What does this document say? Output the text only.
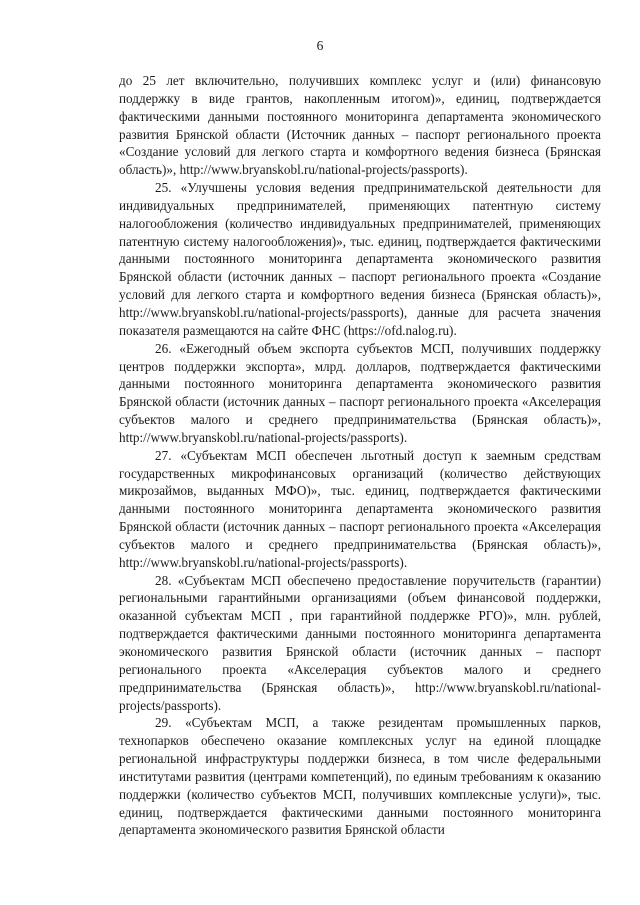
6

до 25 лет включительно, получивших комплекс услуг и (или) финансовую поддержку в виде грантов, накопленным итогом)», единиц, подтверждается фактическими данными постоянного мониторинга департамента экономического развития Брянской области (Источник данных – паспорт регионального проекта «Создание условий для легкого старта и комфортного ведения бизнеса (Брянская область)», http://www.bryanskobl.ru/national-projects/passports).

25. «Улучшены условия ведения предпринимательской деятельности для индивидуальных предпринимателей, применяющих патентную систему налогообложения (количество индивидуальных предпринимателей, применяющих патентную систему налогообложения)», тыс. единиц, подтверждается фактическими данными постоянного мониторинга департамента экономического развития Брянской области (источник данных – паспорт регионального проекта «Создание условий для легкого старта и комфортного ведения бизнеса (Брянская область)», http://www.bryanskobl.ru/national-projects/passports), данные для расчета значения показателя размещаются на сайте ФНС (https://ofd.nalog.ru).

26. «Ежегодный объем экспорта субъектов МСП, получивших поддержку центров поддержки экспорта», млрд. долларов, подтверждается фактическими данными постоянного мониторинга департамента экономического развития Брянской области (источник данных – паспорт регионального проекта «Акселерация субъектов малого и среднего предпринимательства (Брянская область)», http://www.bryanskobl.ru/national-projects/passports).

27. «Субъектам МСП обеспечен льготный доступ к заемным средствам государственных микрофинансовых организаций (количество действующих микрозаймов, выданных МФО)», тыс. единиц, подтверждается фактическими данными постоянного мониторинга департамента экономического развития Брянской области (источник данных – паспорт регионального проекта «Акселерация субъектов малого и среднего предпринимательства (Брянская область)», http://www.bryanskobl.ru/national-projects/passports).

28. «Субъектам МСП обеспечено предоставление поручительств (гарантии) региональными гарантийными организациями (объем финансовой поддержки, оказанной субъектам МСП , при гарантийной поддержке РГО)», млн. рублей, подтверждается фактическими данными постоянного мониторинга департамента экономического развития Брянской области (источник данных – паспорт регионального проекта «Акселерация субъектов малого и среднего предпринимательства (Брянская область)», http://www.bryanskobl.ru/national-projects/passports).

29. «Субъектам МСП, а также резидентам промышленных парков, технопарков обеспечено оказание комплексных услуг на единой площадке региональной инфраструктуры поддержки бизнеса, в том числе федеральными институтами развития (центрами компетенций), по единым требованиям к оказанию поддержки (количество субъектов МСП, получивших комплексные услуги)», тыс. единиц, подтверждается фактическими данными постоянного мониторинга департамента экономического развития Брянской области
